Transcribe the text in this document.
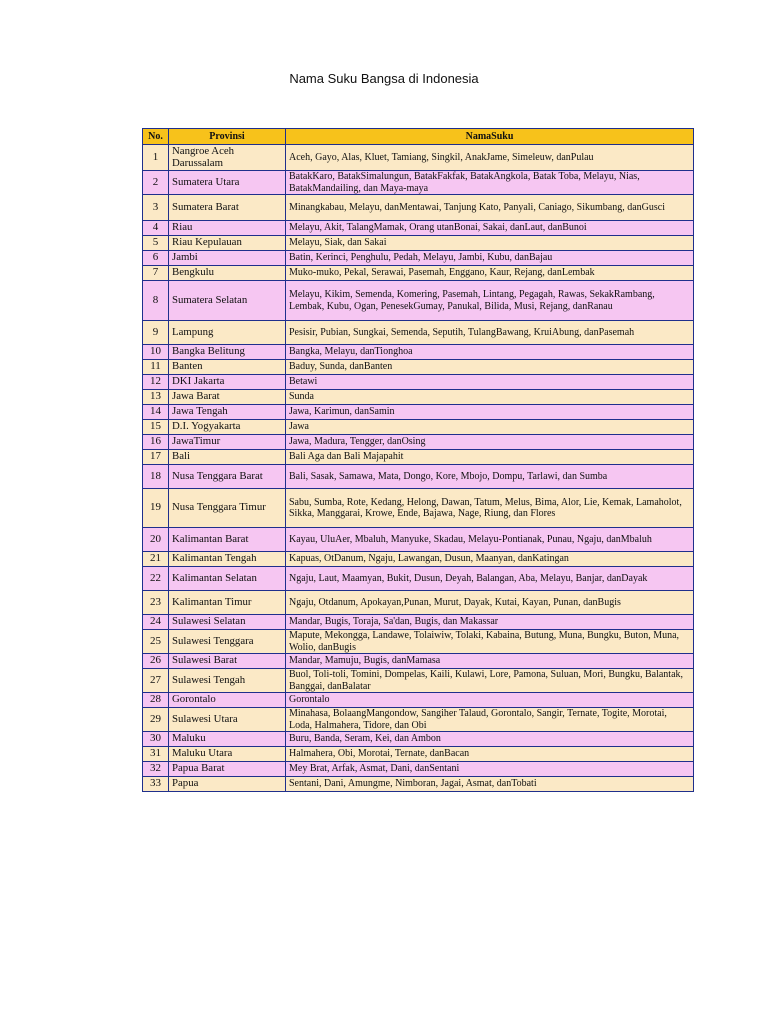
Nama Suku Bangsa di Indonesia
No.	Provinsi	NamaSuku
1	Nangroe Aceh Darussalam	Aceh, Gayo, Alas, Kluet, Tamiang, Singkil, AnakJame, Simeleuw, danPulau
2	Sumatera Utara	BatakKaro, BatakSimalungun, BatakFakfak, BatakAngkola, Batak Toba, Melayu, Nias, BatakMandailing, dan Maya-maya
3	Sumatera Barat	Minangkabau, Melayu, danMentawai, Tanjung Kato, Panyali, Caniago, Sikumbang, danGusci
4	Riau	Melayu, Akit, TalangMamak, Orang utanBonai, Sakai, danLaut, danBunoi
5	Riau Kepulauan	Melayu, Siak, dan Sakai
6	Jambi	Batin, Kerinci, Penghulu, Pedah, Melayu, Jambi, Kubu, danBajau
7	Bengkulu	Muko-muko, Pekal, Serawai, Pasemah, Enggano, Kaur, Rejang, danLembak
8	Sumatera Selatan	Melayu, Kikim, Semenda, Komering, Pasemah, Lintang, Pegagah, Rawas, SekakRambang, Lembak, Kubu, Ogan, PenesekGumay, Panukal, Bilida, Musi, Rejang, danRanau
9	Lampung	Pesisir, Pubian, Sungkai, Semenda, Seputih, TulangBawang, KruiAbung, danPasemah
10	Bangka Belitung	Bangka, Melayu, danTionghoa
11	Banten	Baduy, Sunda, danBanten
12	DKI Jakarta	Betawi
13	Jawa Barat	Sunda
14	Jawa Tengah	Jawa, Karimun, danSamin
15	D.I. Yogyakarta	Jawa
16	JawaTimur	Jawa, Madura, Tengger, danOsing
17	Bali	Bali Aga dan Bali Majapahit
18	Nusa Tenggara Barat	Bali, Sasak, Samawa, Mata, Dongo, Kore, Mbojo, Dompu, Tarlawi, dan Sumba
19	Nusa Tenggara Timur	Sabu, Sumba, Rote, Kedang, Helong, Dawan, Tatum, Melus, Bima, Alor, Lie, Kemak, Lamaholot, Sikka, Manggarai, Krowe, Ende, Bajawa, Nage, Riung, dan Flores
20	Kalimantan Barat	Kayau, UluAer, Mbaluh, Manyuke, Skadau, Melayu-Pontianak, Punau, Ngaju, danMbaluh
21	Kalimantan Tengah	Kapuas, OtDanum, Ngaju, Lawangan, Dusun, Maanyan, danKatingan
22	Kalimantan Selatan	Ngaju, Laut, Maamyan, Bukit, Dusun, Deyah, Balangan, Aba, Melayu, Banjar, danDayak
23	Kalimantan Timur	Ngaju, Otdanum, Apokayan,Punan, Murut, Dayak, Kutai, Kayan, Punan, danBugis
24	Sulawesi Selatan	Mandar, Bugis, Toraja, Sa'dan, Bugis, dan Makassar
25	Sulawesi Tenggara	Mapute, Mekongga, Landawe, Tolaiwiw, Tolaki, Kabaina, Butung, Muna, Bungku, Buton, Muna, Wolio, danBugis
26	Sulawesi Barat	Mandar, Mamuju, Bugis, danMamasa
27	Sulawesi Tengah	Buol, Toli-toli, Tomini, Dompelas, Kaili, Kulawi, Lore, Pamona, Suluan, Mori, Bungku, Balantak, Banggai, danBalatar
28	Gorontalo	Gorontalo
29	Sulawesi Utara	Minahasa, BolaangMangondow, Sangiher Talaud, Gorontalo, Sangir, Ternate, Togite, Morotai, Loda, Halmahera, Tidore, dan Obi
30	Maluku	Buru, Banda, Seram, Kei, dan Ambon
31	Maluku Utara	Halmahera, Obi, Morotai, Ternate, danBacan
32	Papua Barat	Mey Brat, Arfak, Asmat, Dani, danSentani
33	Papua	Sentani, Dani, Amungme, Nimboran, Jagai, Asmat, danTobati
